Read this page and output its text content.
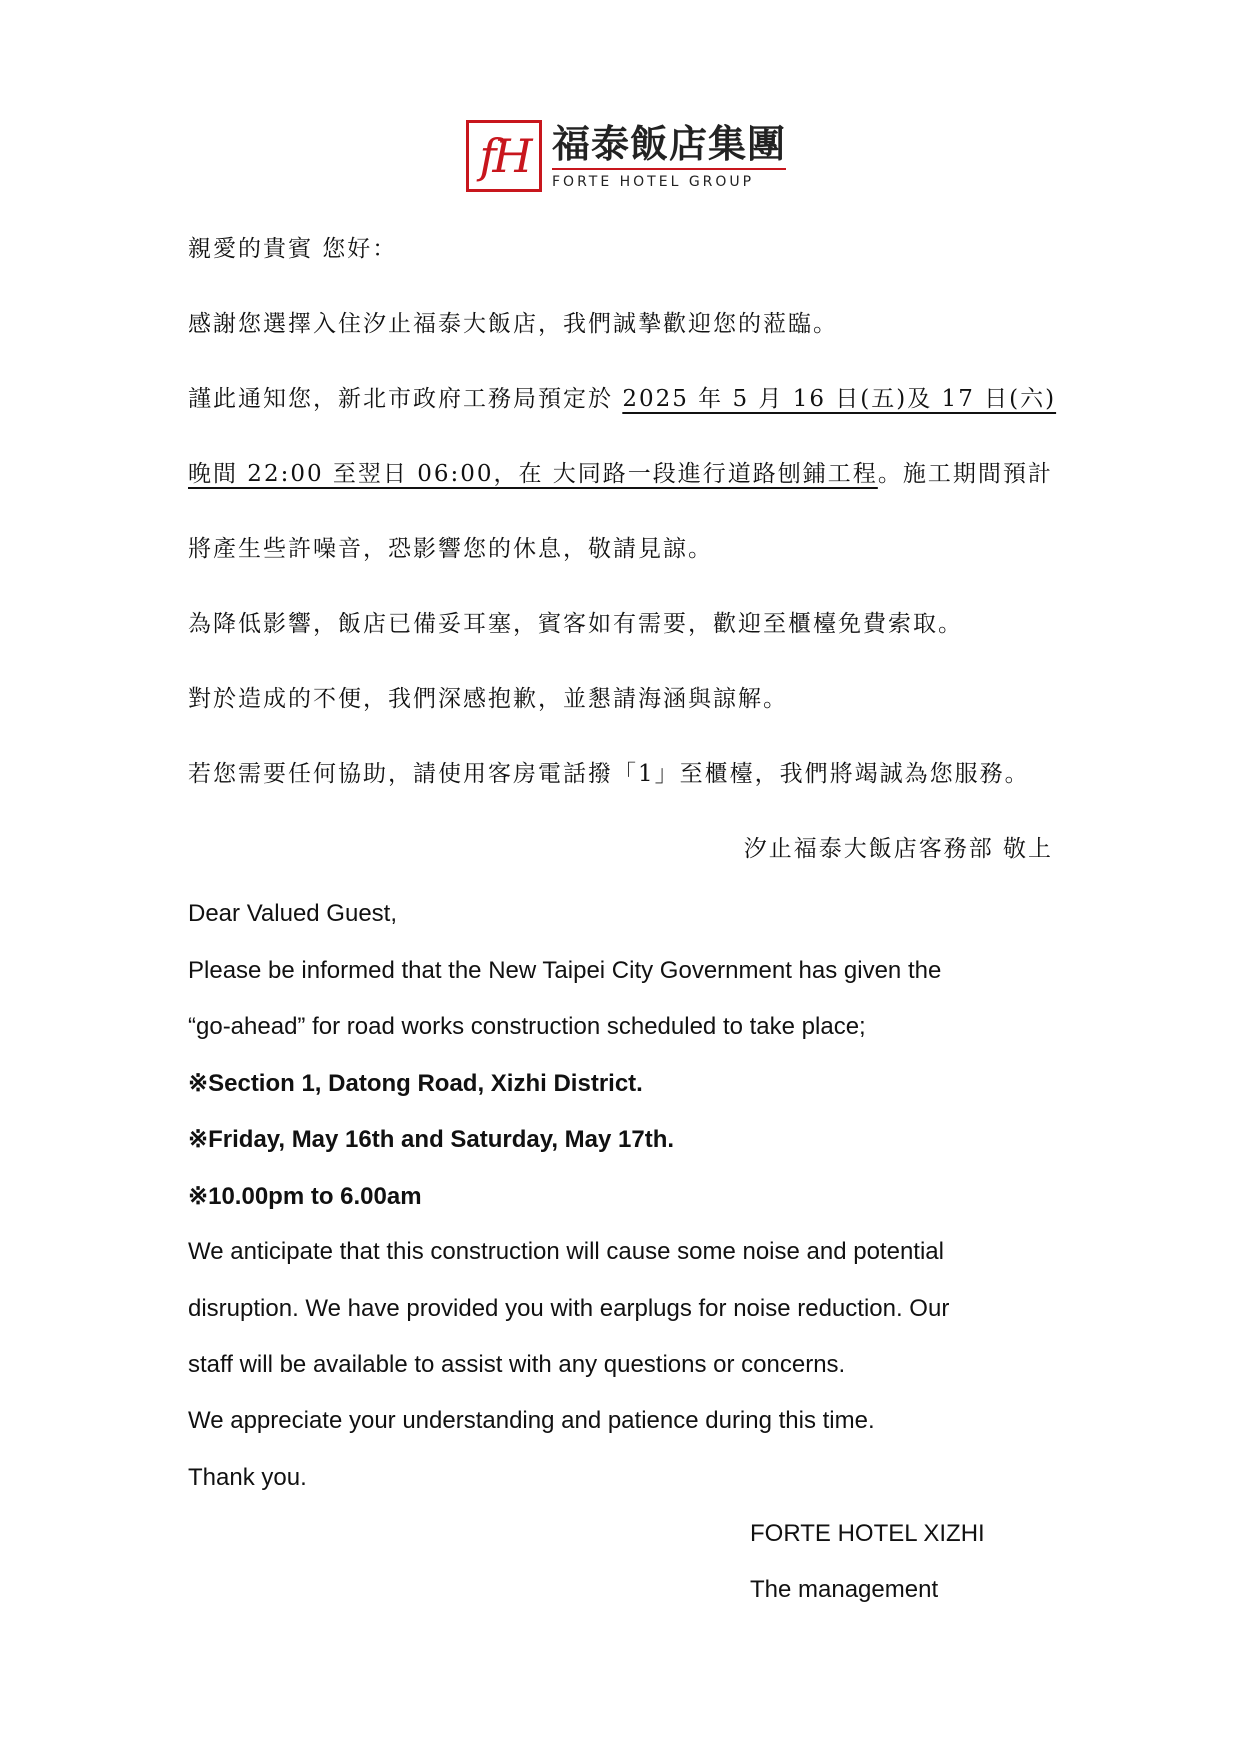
fH 福泰飯店集團
FORTE HOTEL GROUP
親愛的貴賓 您好：
感謝您選擇入住汐止福泰大飯店，我們誠摯歡迎您的蒞臨。
謹此通知您，新北市政府工務局預定於 2025 年 5 月 16 日(五)及 17 日(六)
晚間 22:00 至翌日 06:00，在 大同路一段進行道路刨鋪工程。施工期間預計
將產生些許噪音，恐影響您的休息，敬請見諒。
為降低影響，飯店已備妥耳塞，賓客如有需要，歡迎至櫃檯免費索取。
對於造成的不便，我們深感抱歉，並懇請海涵與諒解。
若您需要任何協助，請使用客房電話撥「1」至櫃檯，我們將竭誠為您服務。
汐止福泰大飯店客務部 敬上
Dear Valued Guest,
Please be informed that the New Taipei City Government has given the
“go-ahead” for road works construction scheduled to take place;
※Section 1, Datong Road, Xizhi District.
※Friday, May 16th and Saturday, May 17th.
※10.00pm to 6.00am
We anticipate that this construction will cause some noise and potential
disruption. We have provided you with earplugs for noise reduction. Our
staff will be available to assist with any questions or concerns.
We appreciate your understanding and patience during this time.
Thank you.
FORTE HOTEL XIZHI
The management
